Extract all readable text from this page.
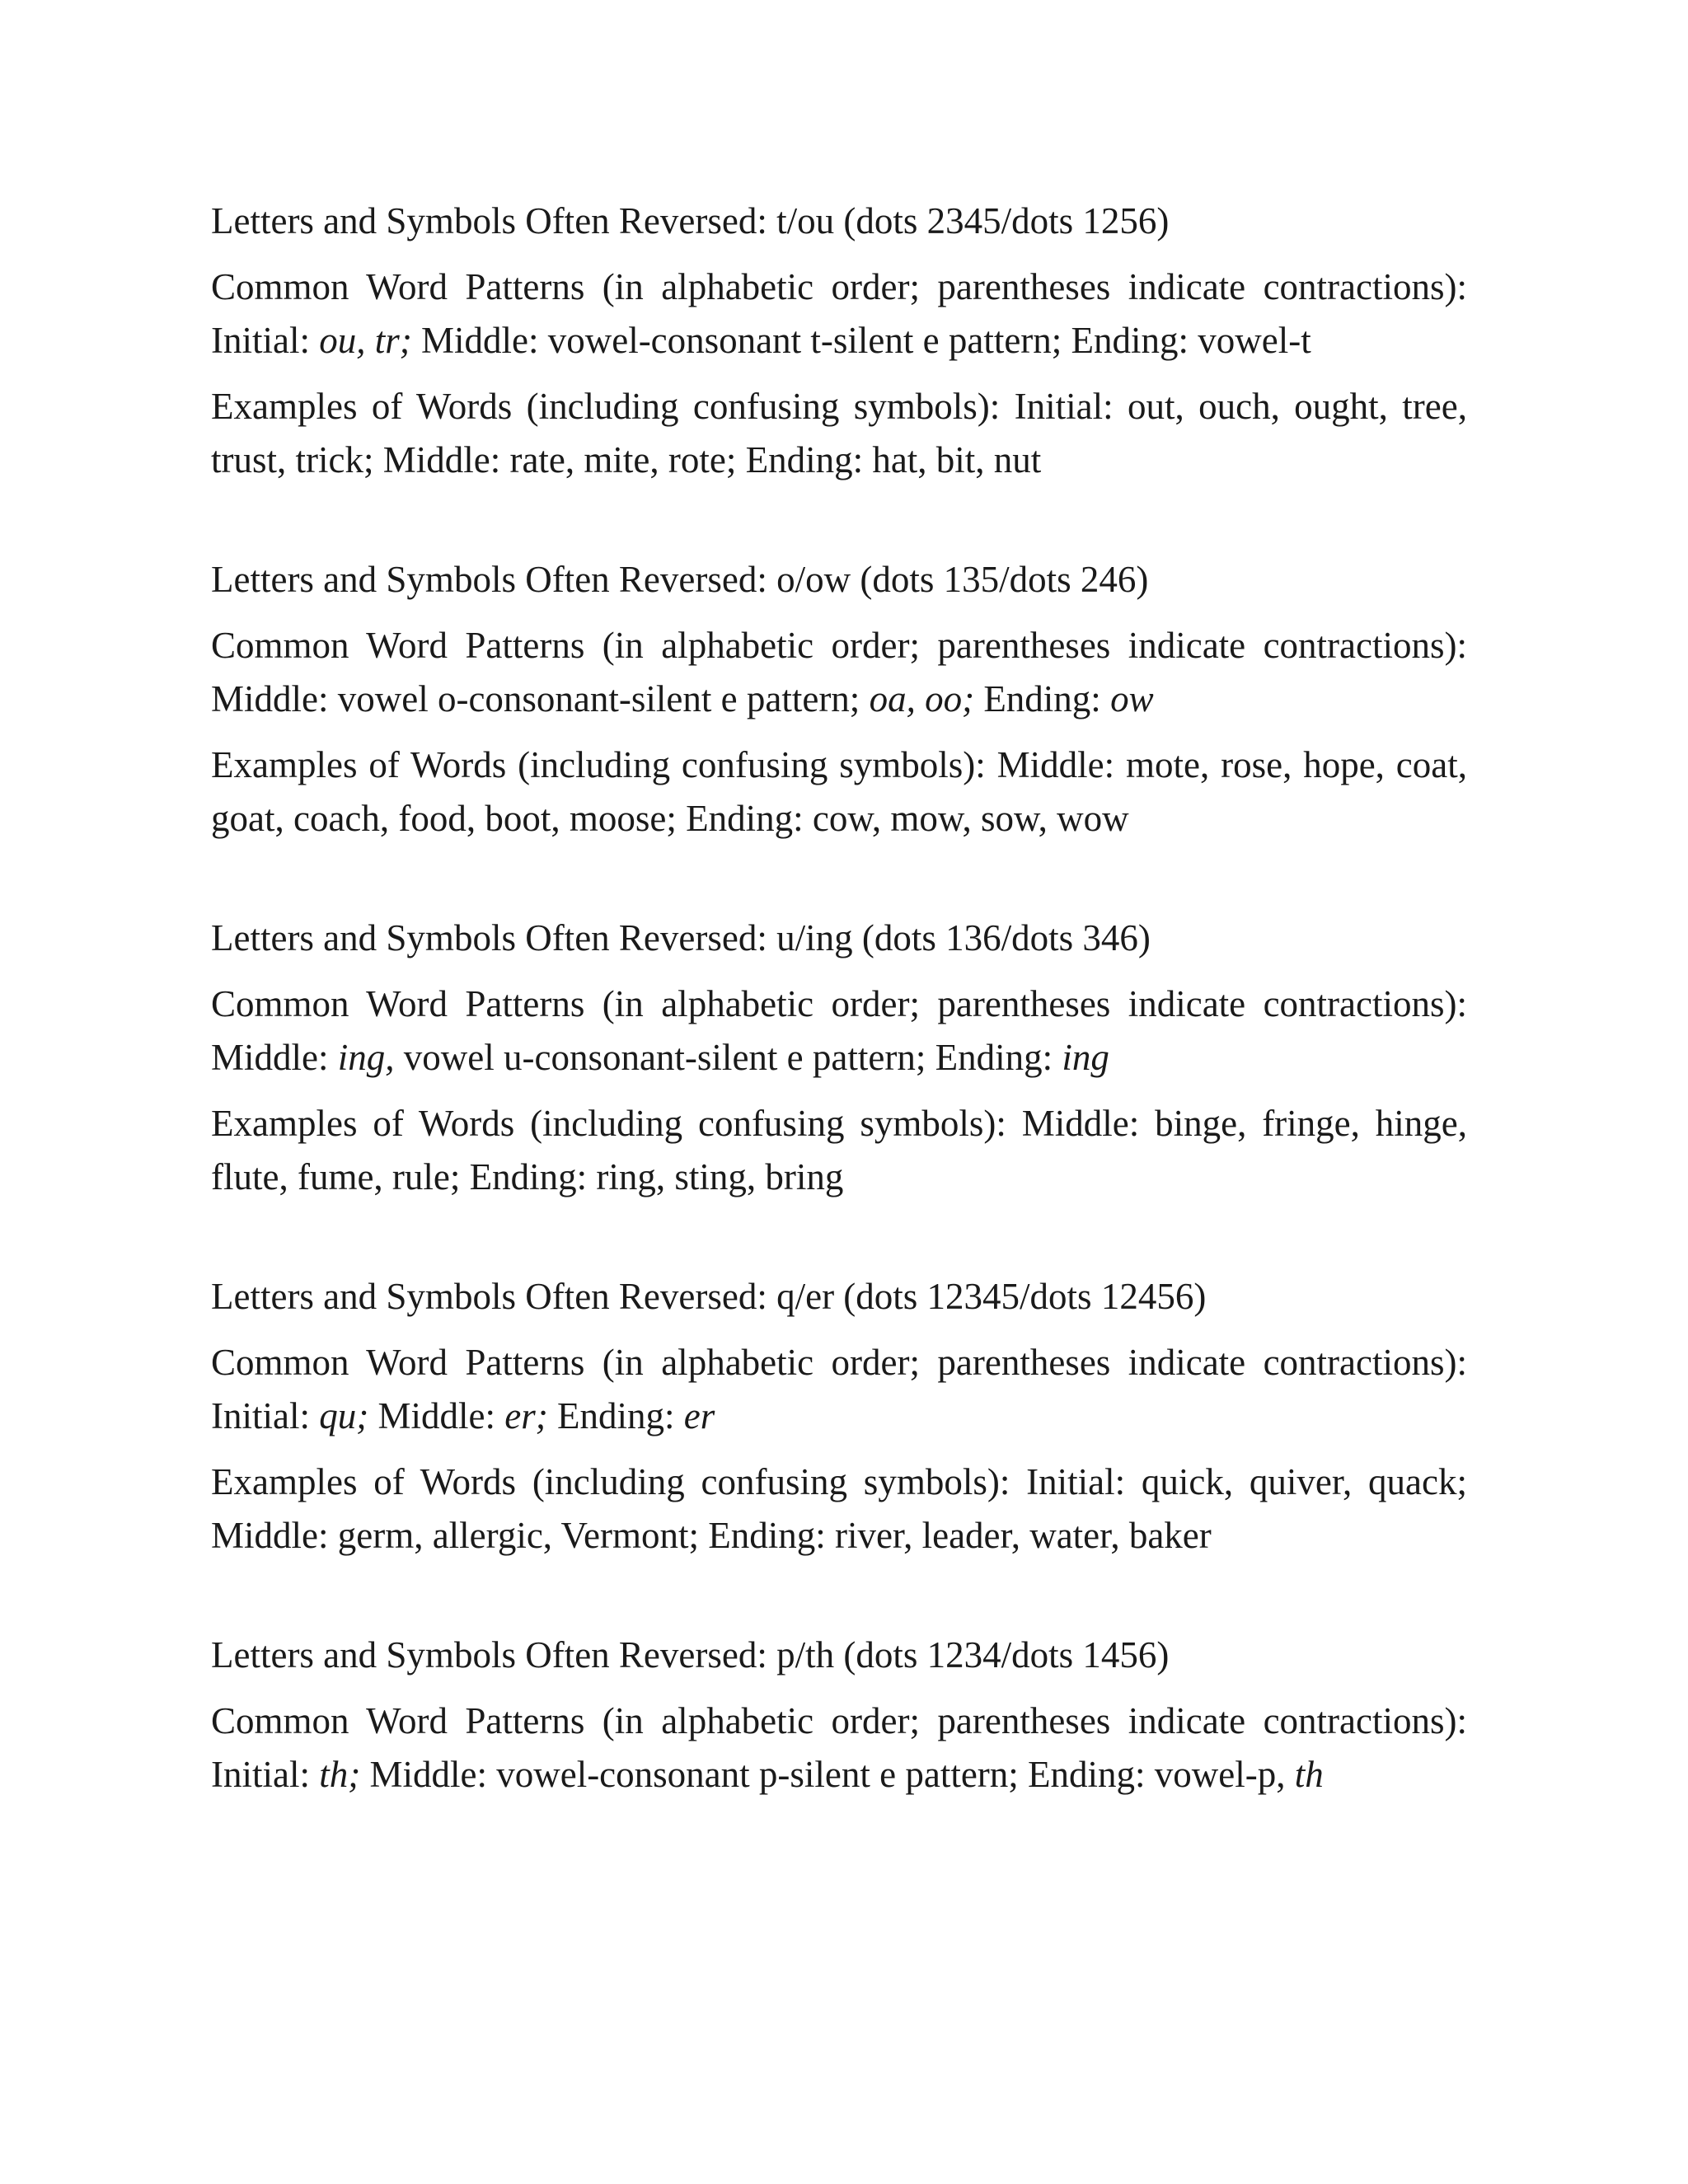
Letters and Symbols Often Reversed: t/ou (dots 2345/dots 1256)

Common Word Patterns (in alphabetic order; parentheses indicate contractions): Initial: ou, tr; Middle: vowel-consonant t-silent e pattern; Ending: vowel-t

Examples of Words (including confusing symbols): Initial: out, ouch, ought, tree, trust, trick; Middle: rate, mite, rote; Ending: hat, bit, nut

Letters and Symbols Often Reversed: o/ow (dots 135/dots 246)

Common Word Patterns (in alphabetic order; parentheses indicate contractions): Middle: vowel o-consonant-silent e pattern; oa, oo; Ending: ow

Examples of Words (including confusing symbols): Middle: mote, rose, hope, coat, goat, coach, food, boot, moose; Ending: cow, mow, sow, wow

Letters and Symbols Often Reversed: u/ing (dots 136/dots 346)

Common Word Patterns (in alphabetic order; parentheses indicate contractions): Middle: ing, vowel u-consonant-silent e pattern; Ending: ing

Examples of Words (including confusing symbols): Middle: binge, fringe, hinge, flute, fume, rule; Ending: ring, sting, bring

Letters and Symbols Often Reversed: q/er (dots 12345/dots 12456)

Common Word Patterns (in alphabetic order; parentheses indicate contractions): Initial: qu; Middle: er; Ending: er

Examples of Words (including confusing symbols): Initial: quick, quiver, quack; Middle: germ, allergic, Vermont; Ending: river, leader, water, baker

Letters and Symbols Often Reversed: p/th (dots 1234/dots 1456)

Common Word Patterns (in alphabetic order; parentheses indicate contractions): Initial: th; Middle: vowel-consonant p-silent e pattern; Ending: vowel-p, th
